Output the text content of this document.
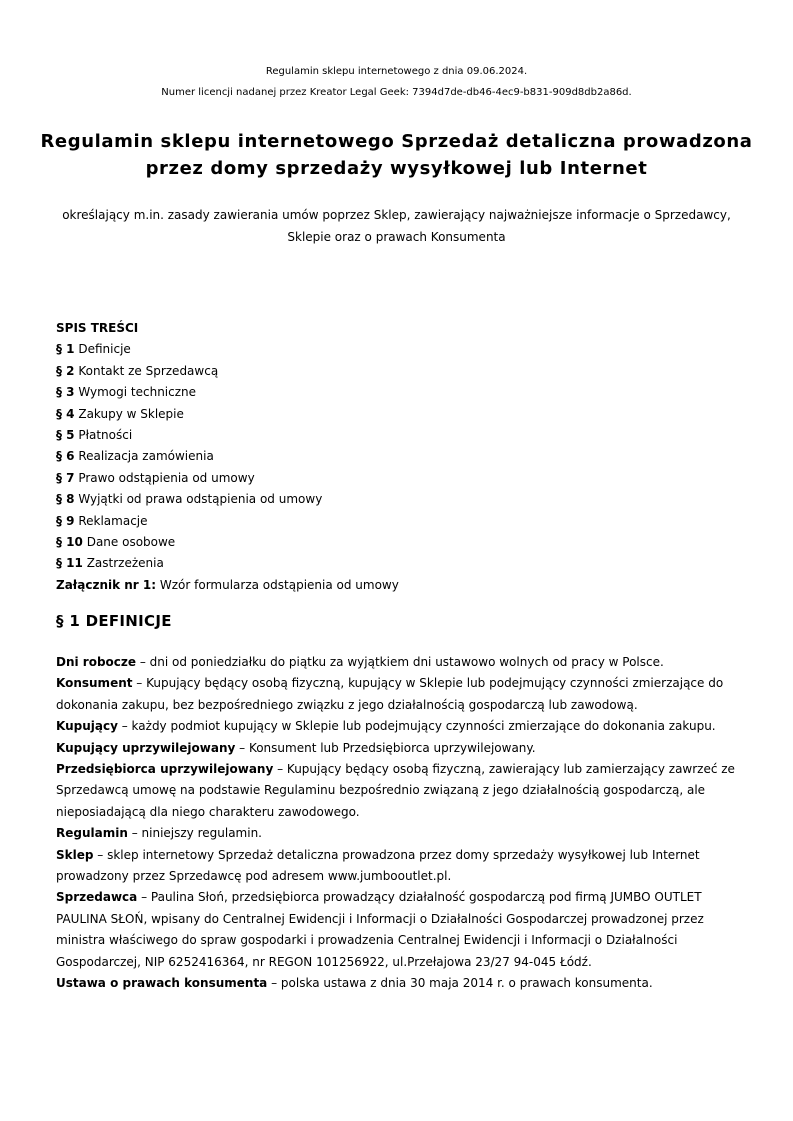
Regulamin sklepu internetowego z dnia 09.06.2024.
Numer licencji nadanej przez Kreator Legal Geek: 7394d7de-db46-4ec9-b831-909d8db2a86d.
Regulamin sklepu internetowego Sprzedaż detaliczna prowadzona
przez domy sprzedaży wysyłkowej lub Internet
określający m.in. zasady zawierania umów poprzez Sklep, zawierający najważniejsze informacje o Sprzedawcy,
Sklepie oraz o prawach Konsumenta
SPIS TREŚCI
§ 1 Definicje
§ 2 Kontakt ze Sprzedawcą
§ 3 Wymogi techniczne
§ 4 Zakupy w Sklepie
§ 5 Płatności
§ 6 Realizacja zamówienia
§ 7 Prawo odstąpienia od umowy
§ 8 Wyjątki od prawa odstąpienia od umowy
§ 9 Reklamacje
§ 10 Dane osobowe
§ 11 Zastrzeżenia
Załącznik nr 1: Wzór formularza odstąpienia od umowy
§ 1 DEFINICJE

Dni robocze – dni od poniedziałku do piątku za wyjątkiem dni ustawowo wolnych od pracy w Polsce.

Konsument – Kupujący będący osobą fizyczną, kupujący w Sklepie lub podejmujący czynności zmierzające do

dokonania zakupu, bez bezpośredniego związku z jego działalnością gospodarczą lub zawodową.

Kupujący – każdy podmiot kupujący w Sklepie lub podejmujący czynności zmierzające do dokonania zakupu.

Kupujący uprzywilejowany – Konsument lub Przedsiębiorca uprzywilejowany.

Przedsiębiorca uprzywilejowany – Kupujący będący osobą fizyczną, zawierający lub zamierzający zawrzeć ze

Sprzedawcą umowę na podstawie Regulaminu bezpośrednio związaną z jego działalnością gospodarczą, ale

nieposiadającą dla niego charakteru zawodowego.

Regulamin – niniejszy regulamin.

Sklep – sklep internetowy Sprzedaż detaliczna prowadzona przez domy sprzedaży wysyłkowej lub Internet

prowadzony przez Sprzedawcę pod adresem www.jumbooutlet.pl.

Sprzedawca – Paulina Słoń, przedsiębiorca prowadzący działalność gospodarczą pod firmą JUMBO OUTLET

PAULINA SŁOŃ, wpisany do Centralnej Ewidencji i Informacji o Działalności Gospodarczej prowadzonej przez

ministra właściwego do spraw gospodarki i prowadzenia Centralnej Ewidencji i Informacji o Działalności

Gospodarczej, NIP 6252416364, nr REGON 101256922, ul.Przełajowa 23/27 94-045 Łódź.

Ustawa o prawach konsumenta – polska ustawa z dnia 30 maja 2014 r. o prawach konsumenta.
